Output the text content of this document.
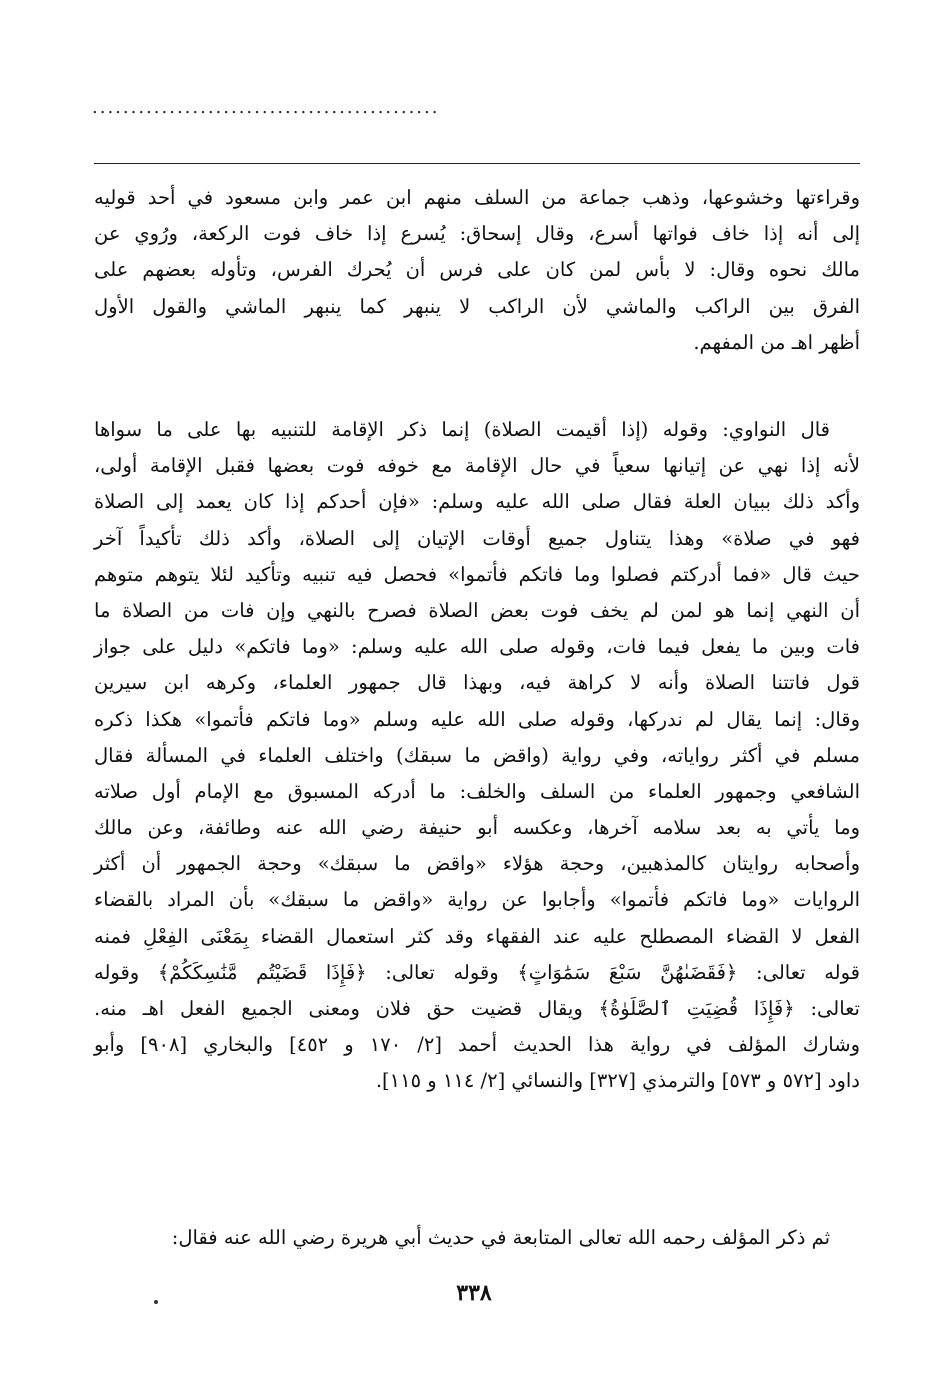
.............................................
وقراءتها وخشوعها، وذهب جماعة من السلف منهم ابن عمر وابن مسعود في أحد قوليه
إلى أنه إذا خاف فواتها أسرع، وقال إسحاق: يُسرع إذا خاف فوت الركعة، ورُوي عن
مالك نحوه وقال: لا بأس لمن كان على فرس أن يُحرك الفرس، وتأوله بعضهم على
الفرق بين الراكب والماشي لأن الراكب لا ينبهر كما ينبهر الماشي والقول الأول
أظهر اهـ من المفهم.
قال النواوي: وقوله (إذا أقيمت الصلاة) إنما ذكر الإقامة للتنبيه بها على ما سواها
لأنه إذا نهي عن إتيانها سعياً في حال الإقامة مع خوفه فوت بعضها فقبل الإقامة أولى،
وأكد ذلك ببيان العلة فقال صلى الله عليه وسلم: «فإن أحدكم إذا كان يعمد إلى الصلاة
فهو في صلاة» وهذا يتناول جميع أوقات الإتيان إلى الصلاة، وأكد ذلك تأكيداً آخر
حيث قال «فما أدركتم فصلوا وما فاتكم فأتموا» فحصل فيه تنبيه وتأكيد لئلا يتوهم متوهم
أن النهي إنما هو لمن لم يخف فوت بعض الصلاة فصرح بالنهي وإن فات من الصلاة ما
فات وبين ما يفعل فيما فات، وقوله صلى الله عليه وسلم: «وما فاتكم» دليل على جواز
قول فاتتنا الصلاة وأنه لا كراهة فيه، وبهذا قال جمهور العلماء، وكرهه ابن سيرين
وقال: إنما يقال لم ندركها، وقوله صلى الله عليه وسلم «وما فاتكم فأتموا» هكذا ذكره
مسلم في أكثر رواياته، وفي رواية (واقض ما سبقك) واختلف العلماء في المسألة فقال
الشافعي وجمهور العلماء من السلف والخلف: ما أدركه المسبوق مع الإمام أول صلاته
وما يأتي به بعد سلامه آخرها، وعكسه أبو حنيفة رضي الله عنه وطائفة، وعن مالك
وأصحابه روايتان كالمذهبين، وحجة هؤلاء «واقض ما سبقك» وحجة الجمهور أن أكثر
الروايات «وما فاتكم فأتموا» وأجابوا عن رواية «واقض ما سبقك» بأن المراد بالقضاء
الفعل لا القضاء المصطلح عليه عند الفقهاء وقد كثر استعمال القضاء بِمَعْنَى الفِعْلِ فمنه
قوله تعالى: ﴿فَقَضَىٰهُنَّ سَبْعَ سَمَٰوَاتٍ﴾ وقوله تعالى: ﴿فَإِذَا قَضَيْتُم مَّنَٰسِكَكُمْ﴾ وقوله
تعالى: ﴿فَإِذَا قُضِيَتِ ٱلصَّلَوٰةُ﴾ ويقال قضيت حق فلان ومعنى الجميع الفعل اهـ منه.
وشارك المؤلف في رواية هذا الحديث أحمد [٢/ ١٧٠ و ٤٥٢] والبخاري [٩٠٨] وأبو
داود [٥٧٢ و ٥٧٣] والترمذي [٣٢٧] والنسائي [٢/ ١١٤ و ١١٥].
ثم ذكر المؤلف رحمه الله تعالى المتابعة في حديث أبي هريرة رضي الله عنه فقال:
٣٣٨
